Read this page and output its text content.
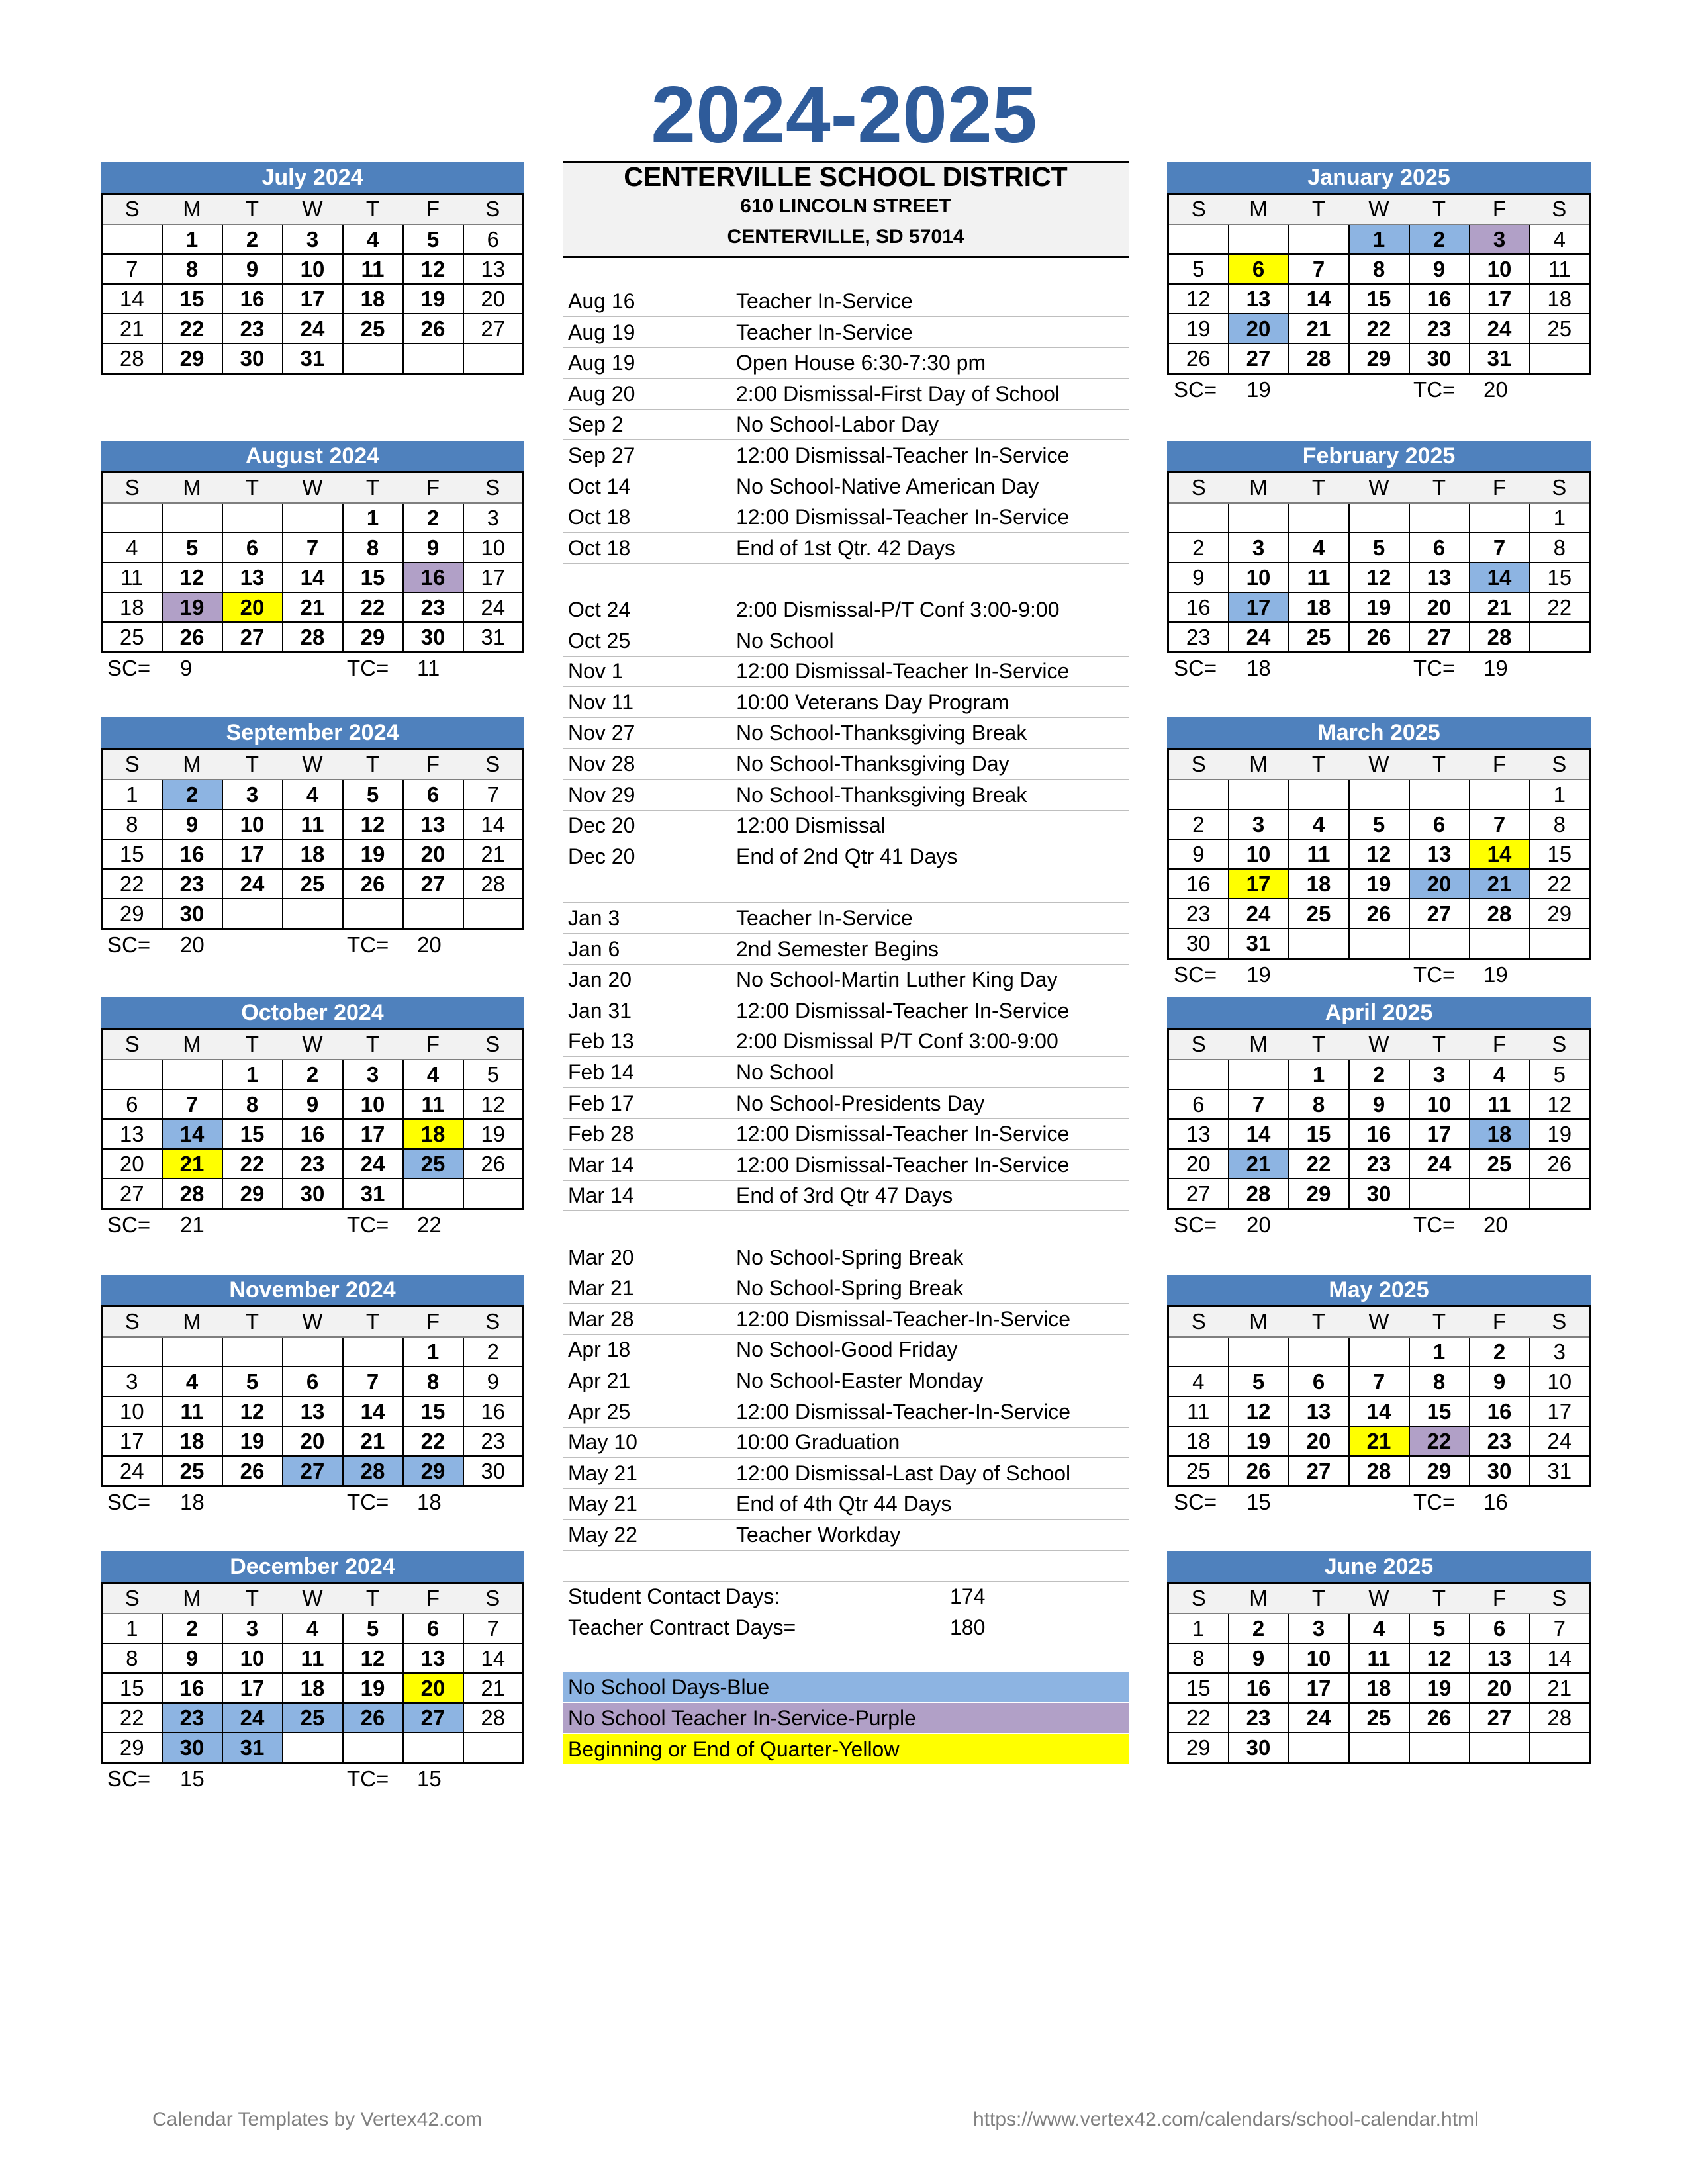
2024-2025
CENTERVILLE SCHOOL DISTRICT
610 LINCOLN STREET
CENTERVILLE, SD 57014
July 2024
S	M	T	W	T	F	S
	1	2	3	4	5	6
7	8	9	10	11	12	13
14	15	16	17	18	19	20
21	22	23	24	25	26	27
28	29	30	31			
August 2024
S	M	T	W	T	F	S
				1	2	3
4	5	6	7	8	9	10
11	12	13	14	15	16	17
18	19	20	21	22	23	24
25	26	27	28	29	30	31
SC= 9	TC= 11
September 2024
S	M	T	W	T	F	S
1	2	3	4	5	6	7
8	9	10	11	12	13	14
15	16	17	18	19	20	21
22	23	24	25	26	27	28
29	30					
SC= 20	TC= 20
October 2024
S	M	T	W	T	F	S
		1	2	3	4	5
6	7	8	9	10	11	12
13	14	15	16	17	18	19
20	21	22	23	24	25	26
27	28	29	30	31		
SC= 21	TC= 22
November 2024
S	M	T	W	T	F	S
					1	2
3	4	5	6	7	8	9
10	11	12	13	14	15	16
17	18	19	20	21	22	23
24	25	26	27	28	29	30
SC= 18	TC= 18
December 2024
S	M	T	W	T	F	S
1	2	3	4	5	6	7
8	9	10	11	12	13	14
15	16	17	18	19	20	21
22	23	24	25	26	27	28
29	30	31				
SC= 15	TC= 15
January 2025
S	M	T	W	T	F	S
			1	2	3	4
5	6	7	8	9	10	11
12	13	14	15	16	17	18
19	20	21	22	23	24	25
26	27	28	29	30	31	
SC= 19	TC= 20
February 2025
S	M	T	W	T	F	S
						1
2	3	4	5	6	7	8
9	10	11	12	13	14	15
16	17	18	19	20	21	22
23	24	25	26	27	28	
SC= 18	TC= 19
March 2025
S	M	T	W	T	F	S
						1
2	3	4	5	6	7	8
9	10	11	12	13	14	15
16	17	18	19	20	21	22
23	24	25	26	27	28	29
30	31					
SC= 19	TC= 19
April 2025
S	M	T	W	T	F	S
		1	2	3	4	5
6	7	8	9	10	11	12
13	14	15	16	17	18	19
20	21	22	23	24	25	26
27	28	29	30			
SC= 20	TC= 20
May 2025
S	M	T	W	T	F	S
				1	2	3
4	5	6	7	8	9	10
11	12	13	14	15	16	17
18	19	20	21	22	23	24
25	26	27	28	29	30	31
SC= 15	TC= 16
June 2025
S	M	T	W	T	F	S
1	2	3	4	5	6	7
8	9	10	11	12	13	14
15	16	17	18	19	20	21
22	23	24	25	26	27	28
29	30					
Aug 16	Teacher In-Service
Aug 19	Teacher In-Service
Aug 19	Open House 6:30-7:30 pm
Aug 20	2:00 Dismissal-First Day of School
Sep 2	No School-Labor Day
Sep 27	12:00 Dismissal-Teacher In-Service
Oct 14	No School-Native American Day
Oct 18	12:00 Dismissal-Teacher In-Service
Oct 18	End of 1st Qtr. 42 Days
Oct 24	2:00 Dismissal-P/T Conf 3:00-9:00
Oct 25	No School
Nov 1	12:00 Dismissal-Teacher In-Service
Nov 11	10:00 Veterans Day Program
Nov 27	No School-Thanksgiving Break
Nov 28	No School-Thanksgiving Day
Nov 29	No School-Thanksgiving Break
Dec 20	12:00 Dismissal
Dec 20	End of 2nd Qtr 41 Days
Jan 3	Teacher In-Service
Jan 6	2nd Semester Begins
Jan 20	No School-Martin Luther King Day
Jan 31	12:00 Dismissal-Teacher In-Service
Feb 13	2:00 Dismissal P/T Conf 3:00-9:00
Feb 14	No School
Feb 17	No School-Presidents Day
Feb 28	12:00 Dismissal-Teacher In-Service
Mar 14	12:00 Dismissal-Teacher In-Service
Mar 14	End of 3rd Qtr 47 Days
Mar 20	No School-Spring Break
Mar 21	No School-Spring Break
Mar 28	12:00 Dismissal-Teacher-In-Service
Apr 18	No School-Good Friday
Apr 21	No School-Easter Monday
Apr 25	12:00 Dismissal-Teacher-In-Service
May 10	10:00 Graduation
May 21	12:00 Dismissal-Last Day of School
May 21	End of 4th Qtr 44 Days
May 22	Teacher Workday
Student Contact Days:	174
Teacher Contract Days=	180
No School Days-Blue
No School Teacher In-Service-Purple
Beginning or End of Quarter-Yellow
Calendar Templates by Vertex42.com	https://www.vertex42.com/calendars/school-calendar.html
